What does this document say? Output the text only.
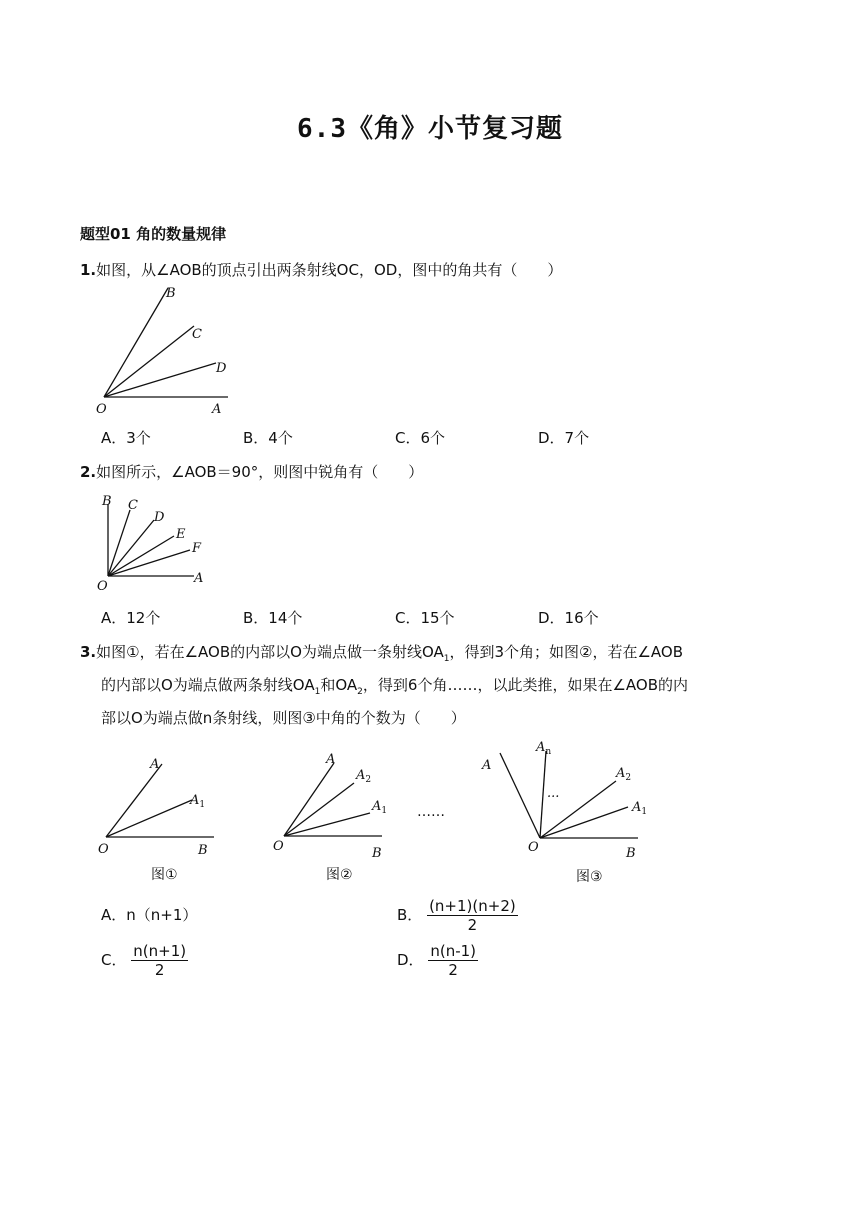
6.3《角》小节复习题
题型01 角的数量规律
1.如图，从∠AOB的顶点引出两条射线OC，OD，图中的角共有（　　）
B
C
D
O	A
A．3个	B．4个	C．6个	D．7个
2.如图所示，∠AOB＝90°，则图中锐角有（　　）
B C
D
E
F
O
A
A．12个	B．14个	C．15个	D．16个
3.如图①，若在∠AOB的内部以O为端点做一条射线$OA_1$，得到3个角；如图②，若在∠AOB
的内部以O为端点做两条射线$OA_1$和$OA_2$，得到6个角……，以此类推，如果在∠AOB的内
部以O为端点做n条射线，则图③中角的个数为（　　）
A
$A_1$
O	B
图①
A
$A_2$
$A_1$
O	B
图②
……
A
$A_n$
...
$A_2$
$A_1$
O	B
图③
A．n（n+1）	B． $\frac{(n+1)(n+2)}{2}$
C． $\frac{n(n+1)}{2}$	D． $\frac{n(n-1)}{2}$
